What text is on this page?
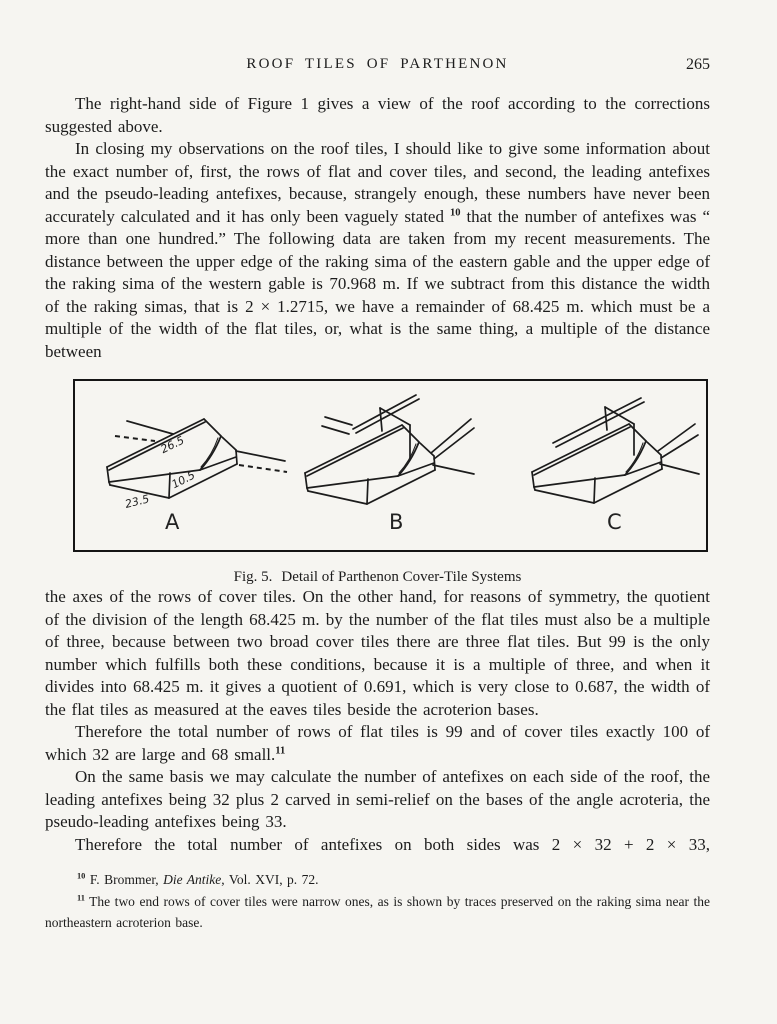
ROOF TILES OF PARTHENON	265

The right-hand side of Figure 1 gives a view of the roof according to the corrections suggested above.

In closing my observations on the roof tiles, I should like to give some information about the exact number of, first, the rows of flat and cover tiles, and second, the leading antefixes and the pseudo-leading antefixes, because, strangely enough, these numbers have never been accurately calculated and it has only been vaguely stated $^{10}$ that the number of antefixes was “ more than one hundred.” The following data are taken from my recent measurements. The distance between the upper edge of the raking sima of the eastern gable and the upper edge of the raking sima of the western gable is 70.968 m. If we subtract from this distance the width of the raking simas, that is 2 × 1.2715, we have a remainder of 68.425 m. which must be a multiple of the width of the flat tiles, or, what is the same thing, a multiple of the distance between

26.5
10.5
23.5
A	B	C
Fig. 5. Detail of Parthenon Cover-Tile Systems

the axes of the rows of cover tiles. On the other hand, for reasons of symmetry, the quotient of the division of the length 68.425 m. by the number of the flat tiles must also be a multiple of three, because between two broad cover tiles there are three flat tiles. But 99 is the only number which fulfills both these conditions, because it is a multiple of three, and when it divides into 68.425 m. it gives a quotient of 0.691, which is very close to 0.687, the width of the flat tiles as measured at the eaves tiles beside the acroterion bases.

Therefore the total number of rows of flat tiles is 99 and of cover tiles exactly 100 of which 32 are large and 68 small.$^{11}$

On the same basis we may calculate the number of antefixes on each side of the roof, the leading antefixes being 32 plus 2 carved in semi-relief on the bases of the angle acroteria, the pseudo-leading antefixes being 33.

Therefore the total number of antefixes on both sides was 2 × 32 + 2 × 33,

$^{10}$ F. Brommer, Die Antike, Vol. XVI, p. 72.

$^{11}$ The two end rows of cover tiles were narrow ones, as is shown by traces preserved on the raking sima near the northeastern acroterion base.
